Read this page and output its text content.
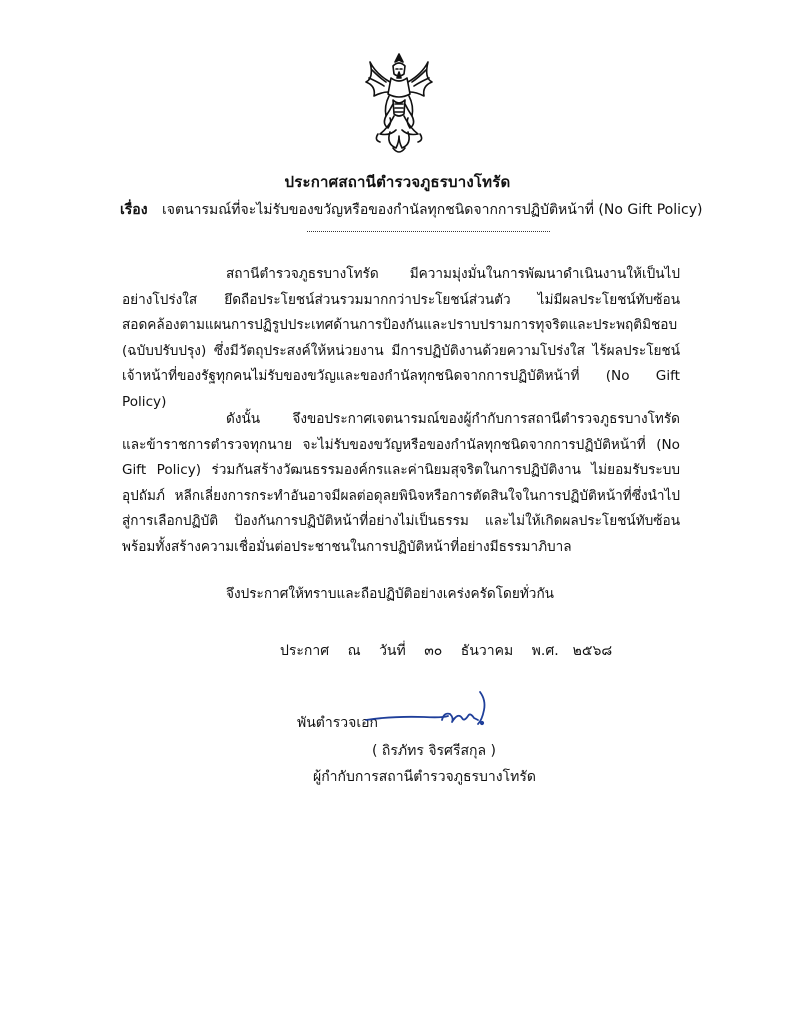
ประกาศสถานีตำรวจภูธรบางโทรัด
เรื่อง เจตนารมณ์ที่จะไม่รับของขวัญหรือของกำนัลทุกชนิดจากการปฏิบัติหน้าที่ (No Gift Policy)
สถานีตำรวจภูธรบางโทรัด มีความมุ่งมั่นในการพัฒนาดำเนินงานให้เป็นไปอย่างโปร่งใส ยึดถือประโยชน์ส่วนรวมมากกว่าประโยชน์ส่วนตัว ไม่มีผลประโยชน์ทับซ้อน สอดคล้องตามแผนการปฏิรูปประเทศด้านการป้องกันและปราบปรามการทุจริตและประพฤติมิชอบ (ฉบับปรับปรุง) ซึ่งมีวัตถุประสงค์ให้หน่วยงาน มีการปฏิบัติงานด้วยความโปร่งใส ไร้ผลประโยชน์ เจ้าหน้าที่ของรัฐทุกคนไม่รับของขวัญและของกำนัลทุกชนิดจากการปฏิบัติหน้าที่ (No Gift Policy)
ดังนั้น จึงขอประกาศเจตนารมณ์ของผู้กำกับการสถานีตำรวจภูธรบางโทรัด และข้าราชการตำรวจทุกนาย จะไม่รับของขวัญหรือของกำนัลทุกชนิดจากการปฏิบัติหน้าที่ (No Gift Policy) ร่วมกันสร้างวัฒนธรรมองค์กรและค่านิยมสุจริตในการปฏิบัติงาน ไม่ยอมรับระบบอุปถัมภ์ หลีกเลี่ยงการกระทำอันอาจมีผลต่อดุลยพินิจหรือการตัดสินใจในการปฏิบัติหน้าที่ซึ่งนำไปสู่การเลือกปฏิบัติ ป้องกันการปฏิบัติหน้าที่อย่างไม่เป็นธรรม และไม่ให้เกิดผลประโยชน์ทับซ้อน พร้อมทั้งสร้างความเชื่อมั่นต่อประชาชนในการปฏิบัติหน้าที่อย่างมีธรรมาภิบาล
จึงประกาศให้ทราบและถือปฏิบัติอย่างเคร่งครัดโดยทั่วกัน
ประกาศ ณ วันที่ ๓๐ ธันวาคม พ.ศ. ๒๕๖๘
พันตำรวจเอก
( ถิรภัทร จิรศรีสกุล )
ผู้กำกับการสถานีตำรวจภูธรบางโทรัด
